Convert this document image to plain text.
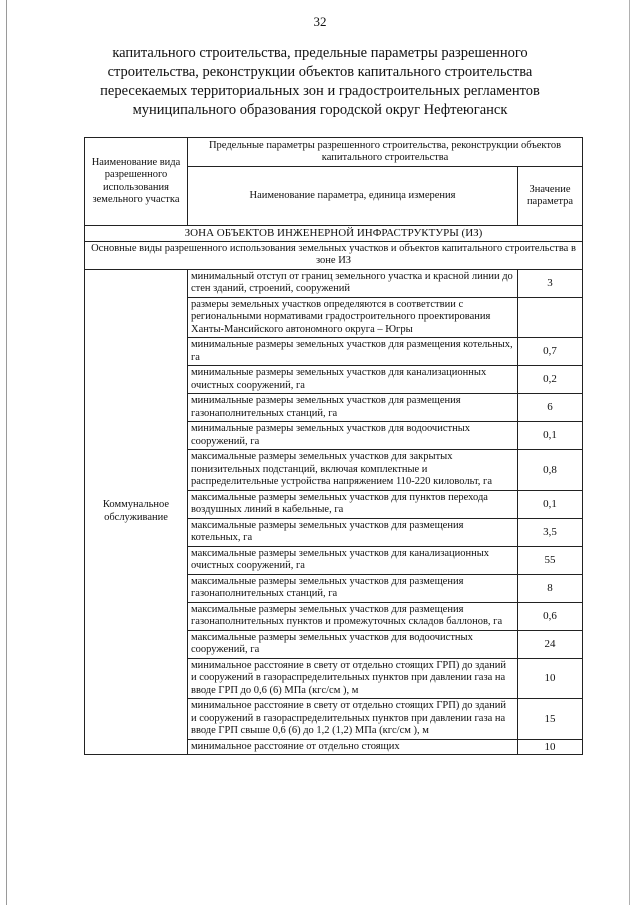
32
капитального строительства, предельные параметры разрешенного
строительства, реконструкции объектов капитального строительства
пересекаемых территориальных зон и градостроительных регламентов
муниципального образования городской округ Нефтеюганск
Наименование вида разрешенного использования земельного участка	Предельные параметры разрешенного строительства, реконструкции объектов капитального строительства	
	Наименование параметра, единица измерения	Значение параметра
ЗОНА ОБЪЕКТОВ ИНЖЕНЕРНОЙ ИНФРАСТРУКТУРЫ (ИЗ)		
Основные виды разрешенного использования земельных участков и объектов капитального строительства в зоне ИЗ		
Коммунальное обслуживание	минимальный отступ от границ земельного участка и красной линии до стен зданий, строений, сооружений	3
	размеры земельных участков определяются в соответствии с региональными нормативами градостроительного проектирования Ханты-Мансийского автономного округа – Югры	
	минимальные размеры земельных участков для размещения котельных, га	0,7
	минимальные размеры земельных участков для канализационных очистных сооружений, га	0,2
	минимальные размеры земельных участков для размещения газонаполнительных станций, га	6
	минимальные размеры земельных участков для водоочистных сооружений, га	0,1
	максимальные размеры земельных участков для закрытых понизительных подстанций, включая комплектные и распределительные устройства напряжением 110-220 киловольт, га	0,8
	максимальные размеры земельных участков для пунктов перехода воздушных линий в кабельные, га	0,1
	максимальные размеры земельных участков для размещения котельных, га	3,5
	максимальные размеры земельных участков для канализационных очистных сооружений, га	55
	максимальные размеры земельных участков для размещения газонаполнительных станций, га	8
	максимальные размеры земельных участков для размещения газонаполнительных пунктов и промежуточных складов баллонов, га	0,6
	максимальные размеры земельных участков для водоочистных сооружений, га	24
	минимальное расстояние в свету от отдельно стоящих ГРП) до зданий и сооружений в газораспределительных пунктов при давлении газа на вводе ГРП до 0,6 (6) МПа (кгс/см ), м	10
	минимальное расстояние в свету от отдельно стоящих ГРП) до зданий и сооружений в газораспределительных пунктов при давлении газа на вводе ГРП свыше 0,6 (6) до 1,2 (1,2) МПа (кгс/см ), м	15
	минимальное расстояние от отдельно стоящих	10
